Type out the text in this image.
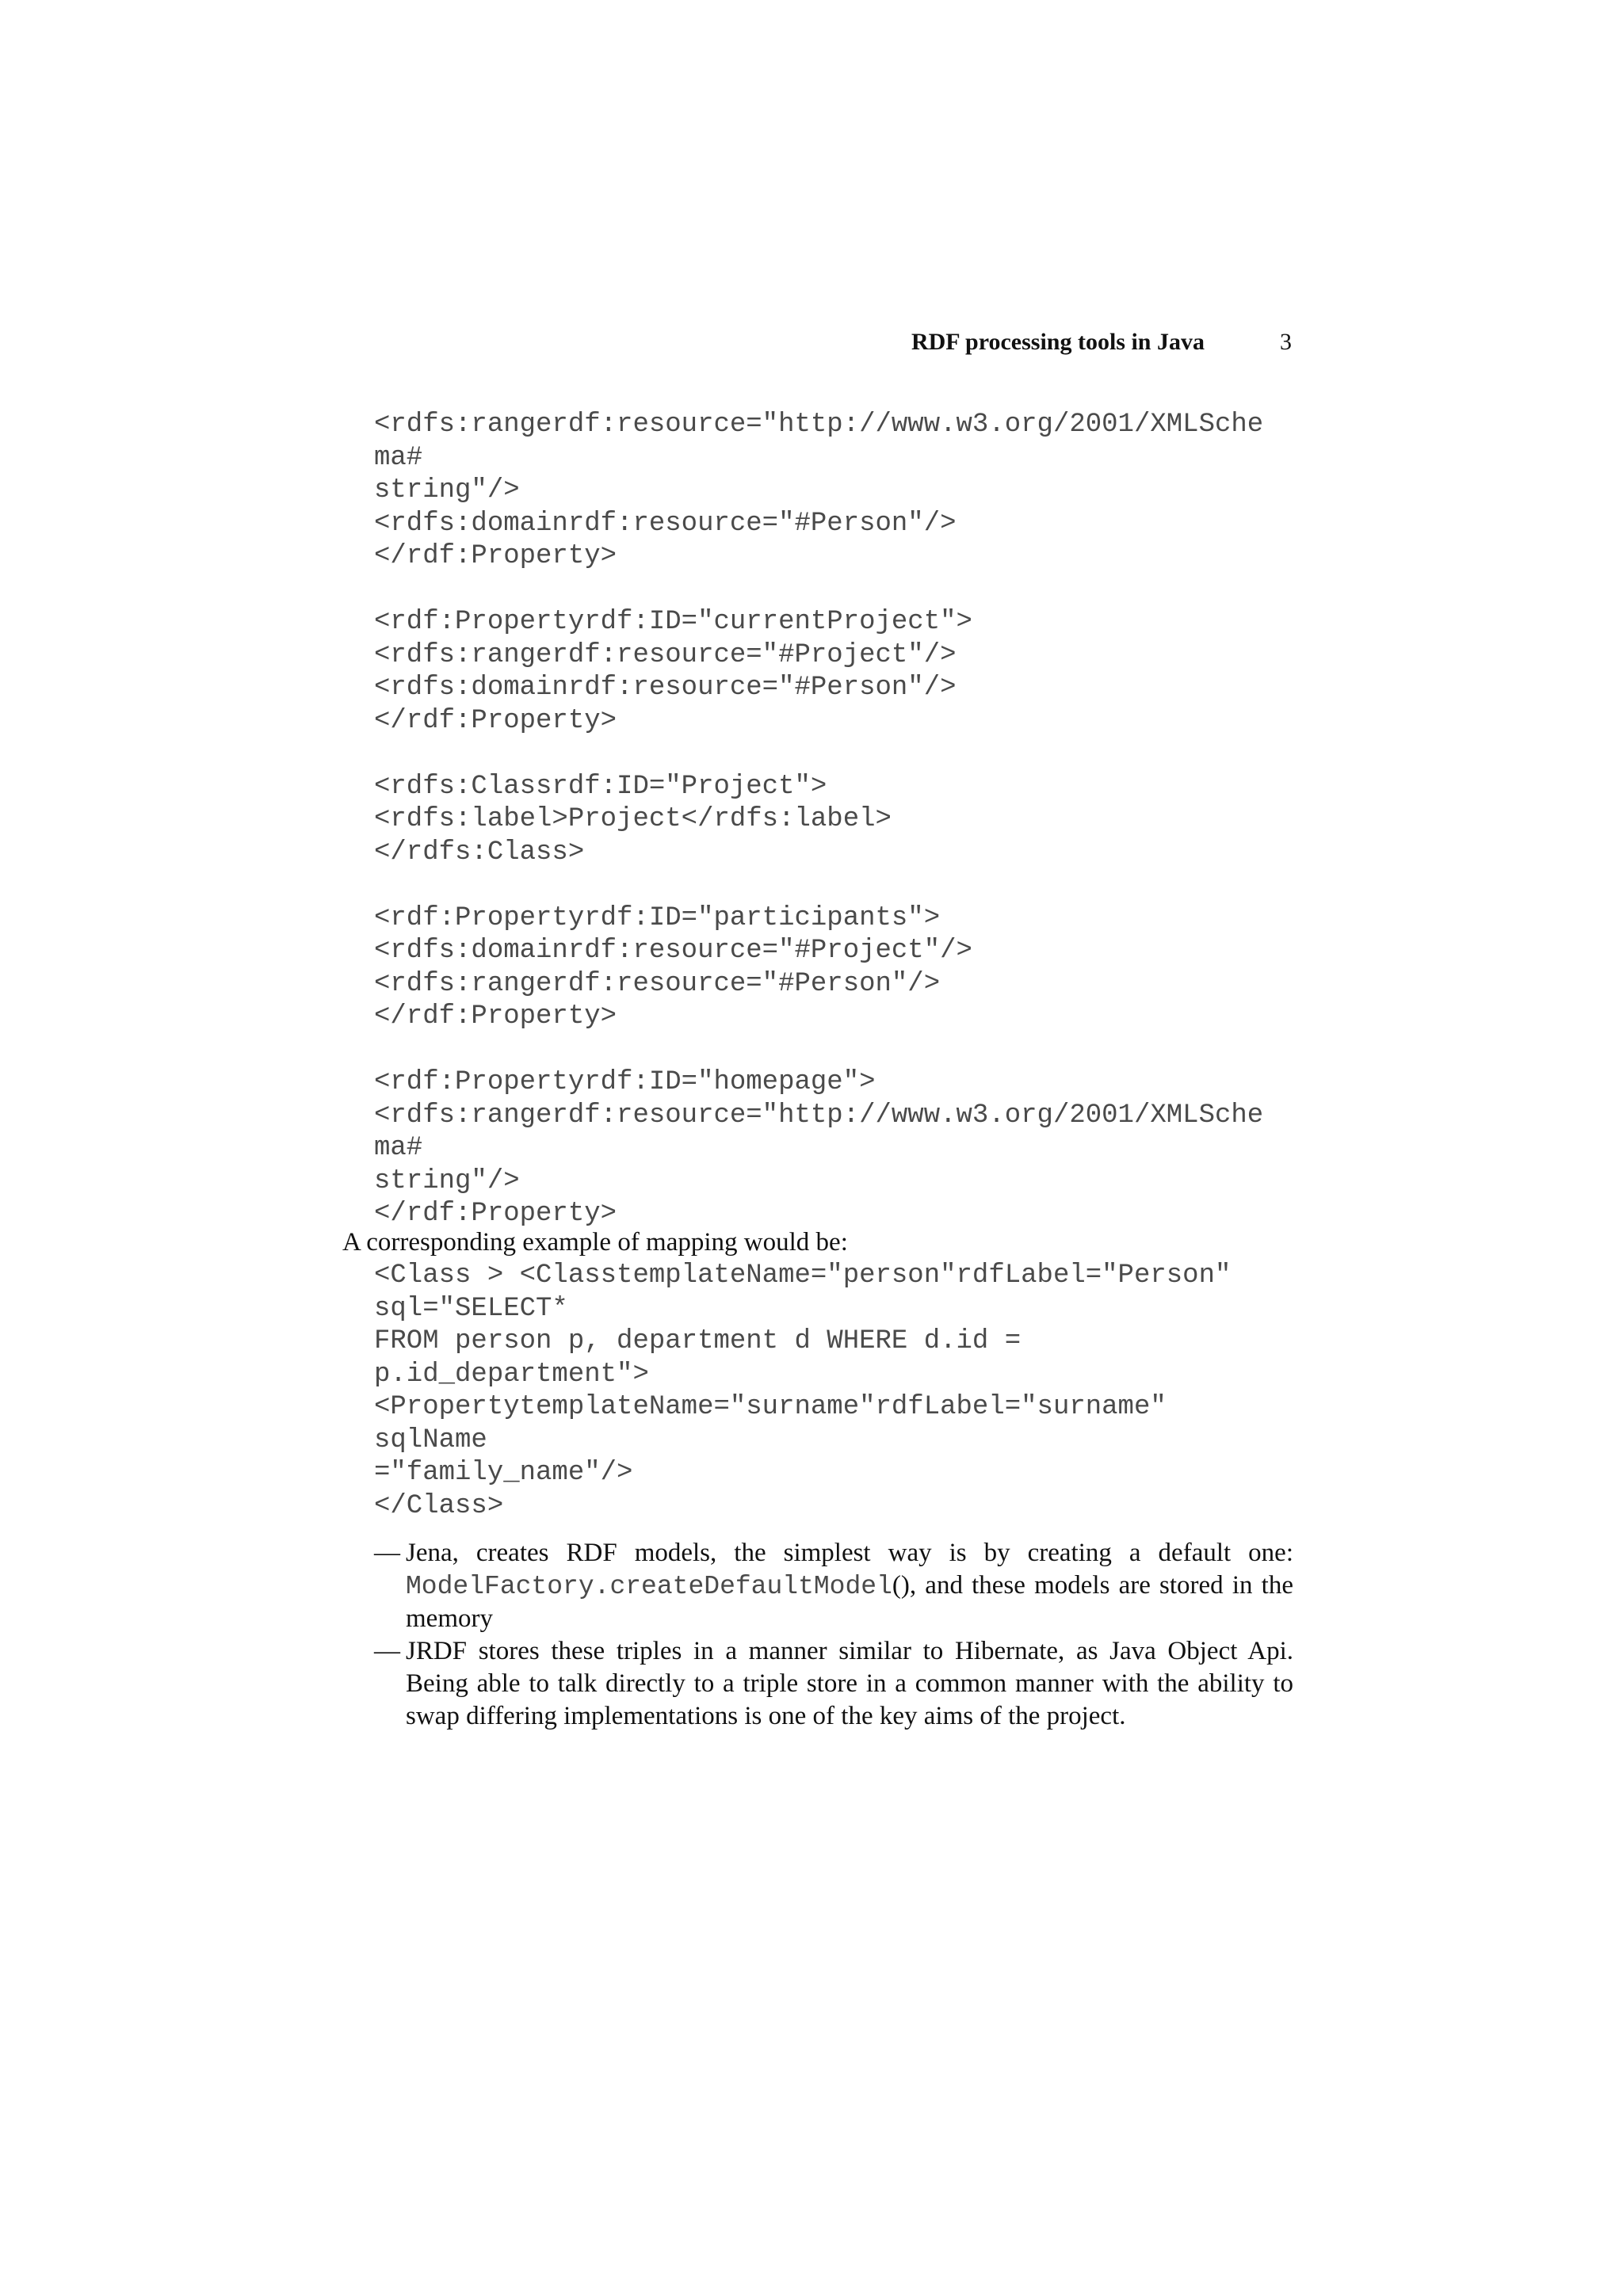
RDF processing tools in Java	3
<rdfs:rangerdf:resource="http://www.w3.org/2001/XMLSche
ma#
string"/>
<rdfs:domainrdf:resource="#Person"/>
</rdf:Property>
<rdf:Propertyrdf:ID="currentProject">
<rdfs:rangerdf:resource="#Project"/>
<rdfs:domainrdf:resource="#Person"/>
</rdf:Property>
<rdfs:Classrdf:ID="Project">
<rdfs:label>Project</rdfs:label>
</rdfs:Class>
<rdf:Propertyrdf:ID="participants">
<rdfs:domainrdf:resource="#Project"/>
<rdfs:rangerdf:resource="#Person"/>
</rdf:Property>
<rdf:Propertyrdf:ID="homepage">
<rdfs:rangerdf:resource="http://www.w3.org/2001/XMLSche
ma#
string"/>
</rdf:Property>

A corresponding example of mapping would be:

<Class > <ClasstemplateName="person"rdfLabel="Person"
sql="SELECT*
FROM person p, department d WHERE d.id =
p.id_department">
<PropertytemplateName="surname"rdfLabel="surname"
sqlName
="family_name"/>
</Class>
— Jena, creates RDF models, the simplest way is by creating a default one: ModelFactory.createDefaultModel(), and these models are stored in the memory
— JRDF stores these triples in a manner similar to Hibernate, as Java Object Api. Being able to talk directly to a triple store in a common manner with the ability to swap differing implementations is one of the key aims of the project.
